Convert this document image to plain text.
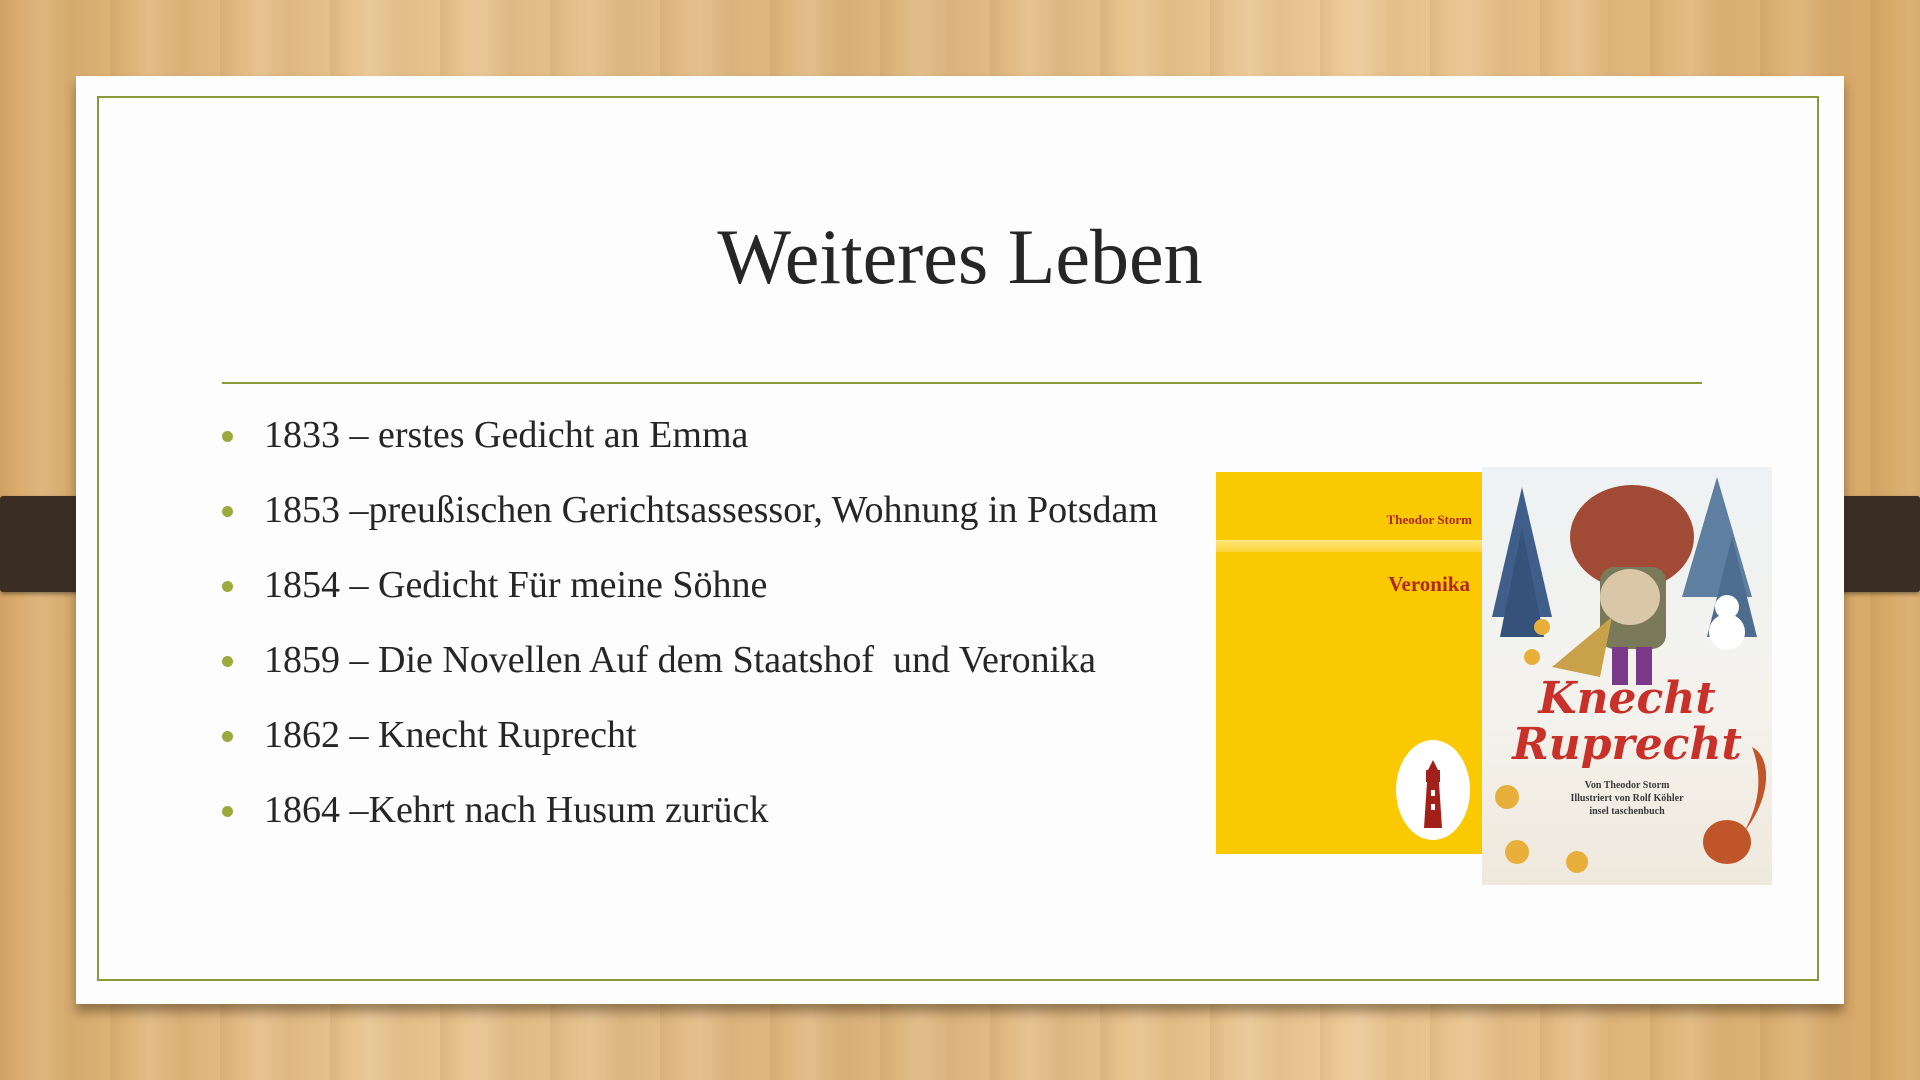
Weiteres Leben
1833 – erstes Gedicht an Emma
1853 –preußischen Gerichtsassessor, Wohnung in Potsdam
1854 – Gedicht Für meine Söhne
1859 – Die Novellen Auf dem Staatshof  und Veronika
1862 – Knecht Ruprecht
1864 –Kehrt nach Husum zurück
Theodor Storm
Veronika
Knecht
Ruprecht
Von Theodor Storm
Illustriert von Rolf Köhler
insel taschenbuch
